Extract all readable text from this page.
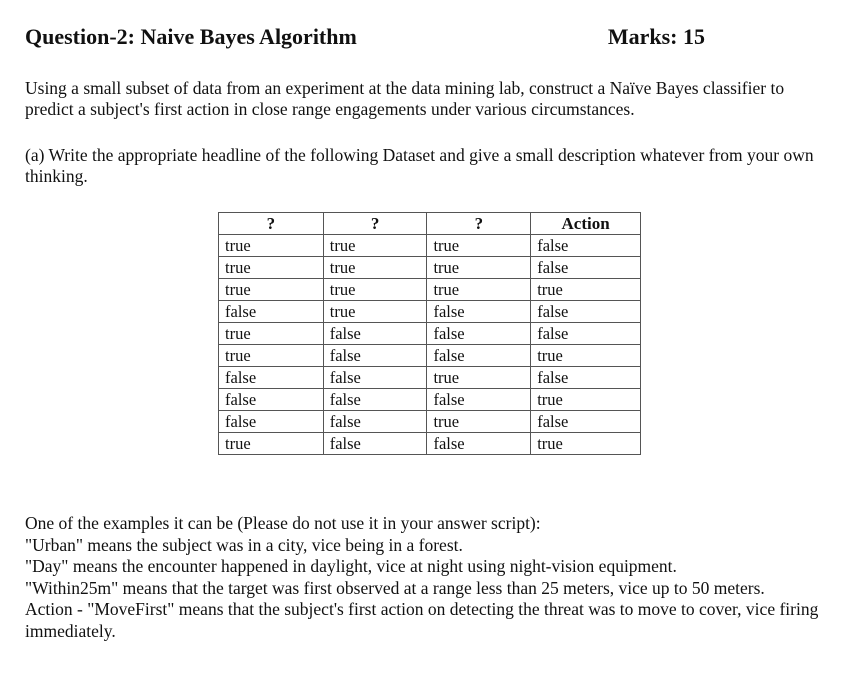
Question-2: Naive Bayes Algorithm	Marks: 15
Using a small subset of data from an experiment at the data mining lab, construct a Naïve Bayes classifier to predict a subject's first action in close range engagements under various circumstances.
(a) Write the appropriate headline of the following Dataset and give a small description whatever from your own thinking.
?	?	?	Action
true	true	true	false
true	true	true	false
true	true	true	true
false	true	false	false
true	false	false	false
true	false	false	true
false	false	true	false
false	false	false	true
false	false	true	false
true	false	false	true
One of the examples it can be (Please do not use it in your answer script):
"Urban" means the subject was in a city, vice being in a forest.
"Day" means the encounter happened in daylight, vice at night using night-vision equipment.
"Within25m" means that the target was first observed at a range less than 25 meters, vice up to 50 meters.
Action - "MoveFirst" means that the subject's first action on detecting the threat was to move to cover, vice firing immediately.
